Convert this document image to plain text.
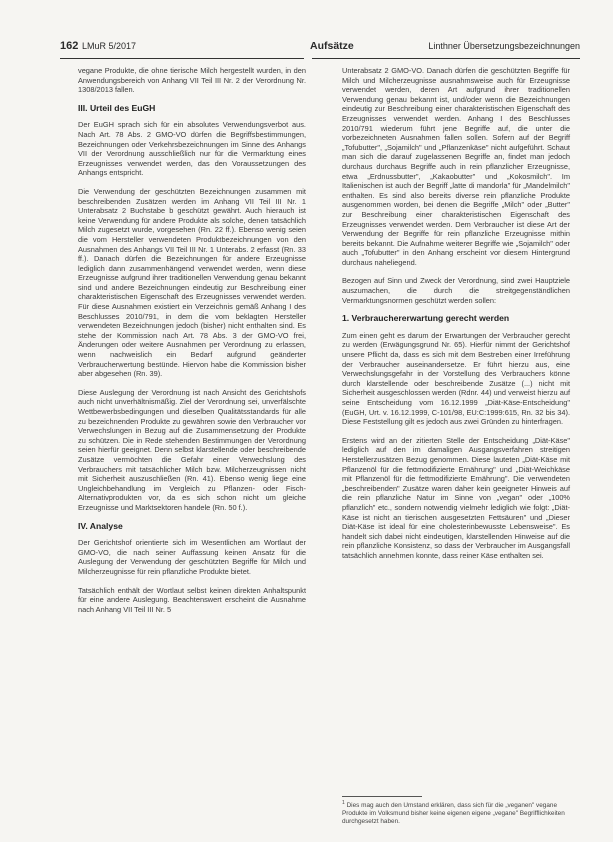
162 LMuR 5/2017	Aufsätze	Linthner Übersetzungsbezeichnungen

vegane Produkte, die ohne tierische Milch hergestellt wurden, in den Anwendungsbereich von Anhang VII Teil III Nr. 2 der Verordnung Nr. 1308/2013 fallen.

III. Urteil des EuGH

Der EuGH sprach sich für ein absolutes Verwendungsverbot aus. Nach Art. 78 Abs. 2 GMO-VO dürfen die Begriffsbestimmungen, Bezeichnungen oder Verkehrsbezeichnungen im Sinne des Anhangs VII der Verordnung ausschließlich nur für die Vermarktung eines Erzeugnisses verwendet werden, das den Voraussetzungen des Anhangs entspricht.

Die Verwendung der geschützten Bezeichnungen zusammen mit beschreibenden Zusätzen werden im Anhang VII Teil III Nr. 1 Unterabsatz 2 Buchstabe b geschützt gewährt. Auch hierauch ist keine Verwendung für andere Produkte als solche, denen tatsächlich Milch zugesetzt wurde, vorgesehen (Rn. 22 ff.). Ebenso wenig seien die vom Hersteller verwendeten Produktbezeichnungen von den Ausnahmen des Anhangs VII Teil III Nr. 1 Unterabs. 2 erfasst (Rn. 33 ff.). Danach dürfen die Bezeichnungen für andere Erzeugnisse lediglich dann zusammenhängend verwendet werden, wenn diese Erzeugnisse aufgrund ihrer traditionellen Verwendung genau bekannt sind und andere Bezeichnungen eindeutig zur Beschreibung einer charakteristischen Eigenschaft des Erzeugnisses verwendet werden. Für diese Ausnahmen existiert ein Verzeichnis gemäß Anhang I des Beschlusses 2010/791, in dem die vom beklagten Hersteller verwendeten Bezeichnungen jedoch (bisher) nicht enthalten sind. Es stehe der Kommission nach Art. 78 Abs. 3 der GMO-VO frei, Änderungen oder weitere Ausnahmen per Verordnung zu erlassen, wenn nachweislich ein Bedarf aufgrund geänderter Verbraucherwertung bestünde. Hiervon habe die Kommission bisher aber abgesehen (Rn. 39).

Diese Auslegung der Verordnung ist nach Ansicht des Gerichtshofs auch nicht unverhältnismäßig. Ziel der Verordnung sei, unverfälschte Wettbewerbsbedingungen und dieselben Qualitätsstandards für alle zu bezeichnenden Produkte zu gewähren sowie den Verbraucher vor Verwechslungen in Bezug auf die Zusammensetzung der Produkte zu schützen. Die in Rede stehenden Bestimmungen der Verordnung seien hierfür geeignet. Denn selbst klarstellende oder beschreibende Zusätze vermöchten die Gefahr einer Verwechslung des Verbrauchers mit tatsächlicher Milch bzw. Milcherzeugnissen nicht mit Sicherheit auszuschließen (Rn. 41). Ebenso wenig liege eine Ungleichbehandlung im Vergleich zu Pflanzen- oder Fisch-Alternativprodukten vor, da es sich schon nicht um gleiche Erzeugnisse und Marktsektoren handele (Rn. 50 f.).

IV. Analyse

Der Gerichtshof orientierte sich im Wesentlichen am Wortlaut der GMO-VO, die nach seiner Auffassung keinen Ansatz für die Auslegung der Verwendung der geschützten Begriffe für Milch und Milcherzeugnisse für rein pflanzliche Produkte bietet.

Tatsächlich enthält der Wortlaut selbst keinen direkten Anhaltspunkt für eine andere Auslegung. Beachtenswert erscheint die Ausnahme nach Anhang VII Teil III Nr. 5

Unterabsatz 2 GMO-VO. Danach dürfen die geschützten Begriffe für Milch und Milcherzeugnisse ausnahmsweise auch für Erzeugnisse verwendet werden, deren Art aufgrund ihrer traditionellen Verwendung genau bekannt ist, und/oder wenn die Bezeichnungen eindeutig zur Beschreibung einer charakteristischen Eigenschaft des Erzeugnisses verwendet werden. Anhang I des Beschlusses 2010/791 wiederum führt jene Begriffe auf, die unter die vorbezeichneten Ausnahmen fallen sollen. Sofern auf der Begriff „Tofubutter", „Sojamilch" und „Pflanzenkäse" nicht aufgeführt. Schaut man sich die darauf zugelassenen Begriffe an, findet man jedoch durchaus durchaus Begriffe auch in rein pflanzlicher Erzeugnisse, etwa „Erdnussbutter", „Kakaobutter" und „Kokosmilch". Im Italienischen ist auch der Begriff „latte di mandorla" für „Mandelmilch" enthalten. Es sind also bereits diverse rein pflanzliche Produkte ausgenommen worden, bei denen die Begriffe „Milch" oder „Butter" zur Beschreibung einer charakteristischen Eigenschaft des Erzeugnisses verwendet werden. Dem Verbraucher ist diese Art der Verwendung der Begriffe für rein pflanzliche Erzeugnisse mithin bereits bekannt. Die Aufnahme weiterer Begriffe wie „Sojamilch" oder auch „Tofubutter" in den Anhang erscheint vor diesem Hintergrund durchaus naheliegend.

Bezogen auf Sinn und Zweck der Verordnung, sind zwei Hauptziele auszumachen, die durch die streitgegenständlichen Vermarktungsnormen geschützt werden sollen:

1. Verbrauchererwartung gerecht werden

Zum einen geht es darum der Erwartungen der Verbraucher gerecht zu werden (Erwägungsgrund Nr. 65). Hierfür nimmt der Gerichtshof unsere Pflicht da, dass es sich mit dem Bestreben einer Irreführung der Verbraucher auseinandersetze. Er führt hierzu aus, eine Verwechslungsgefahr in der Vorstellung des Verbrauchers könne durch klarstellende oder beschreibende Zusätze (...) nicht mit Sicherheit ausgeschlossen werden (Rdnr. 44) und verweist hierzu auf seine Entscheidung vom 16.12.1999 „Diät-Käse-Entscheidung" (EuGH, Urt. v. 16.12.1999, C-101/98, EU:C:1999:615, Rn. 32 bis 34). Diese Feststellung gilt es jedoch aus zwei Gründen zu hinterfragen.

Erstens wird an der zitierten Stelle der Entscheidung „Diät-Käse" lediglich auf den im damaligen Ausgangsverfahren streitigen Herstellerzusätzen Bezug genommen. Diese lauteten „Diät-Käse mit Pflanzenöl für die fettmodifizierte Ernährung" und „Diät-Weichkäse mit Pflanzenöl für die fettmodifizierte Ernährung". Die verwendeten „beschreibenden" Zusätze waren daher kein geeigneter Hinweis auf die rein pflanzliche Natur im Sinne von „vegan" oder „100% pflanzlich" etc., sondern notwendig vielmehr lediglich wie folgt: „Diät-Käse ist nicht an tierischen ausgesetzten Fettsäuren" und „Dieser Diät-Käse ist ideal für eine cholesterinbewusste Lebensweise". Es handelt sich dabei nicht eindeutigen, klarstellenden Hinweise auf die rein pflanzliche Konsistenz, so dass der Verbraucher im Ausgangsfall tatsächlich annehmen konnte, dass reiner Käse enthalten sei.

$^1$ Dies mag auch den Umstand erklären, dass sich für die „veganen" vegane Produkte im Volksmund bisher keine eigenen eigene „vegane" Begrifflichkeiten durchgesetzt haben.
